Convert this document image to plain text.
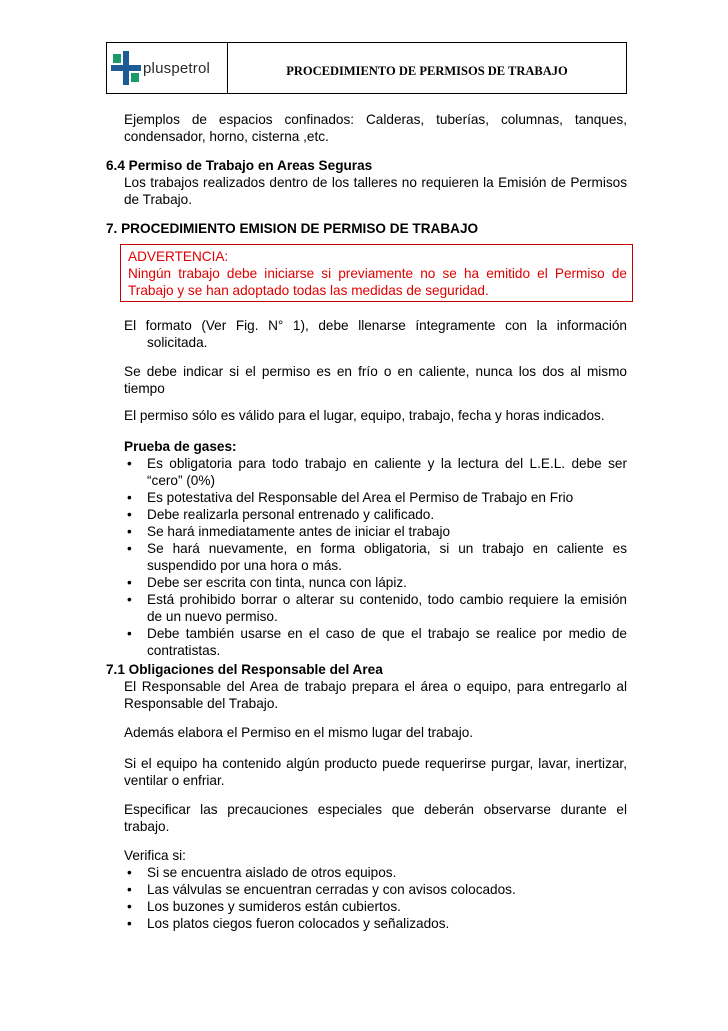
pluspetrol	PROCEDIMIENTO DE PERMISOS DE TRABAJO
Ejemplos de espacios confinados: Calderas, tuberías, columnas, tanques, condensador, horno, cisterna ,etc.
6.4 Permiso de Trabajo en Areas Seguras
Los trabajos realizados dentro de los talleres no requieren la Emisión de Permisos de Trabajo.
7. PROCEDIMIENTO EMISION DE PERMISO DE TRABAJO
ADVERTENCIA:
Ningún trabajo debe iniciarse si previamente no se ha emitido el Permiso de Trabajo y se han adoptado todas las medidas de seguridad.
El formato (Ver Fig. N° 1), debe llenarse íntegramente con la información
solicitada.
Se debe indicar si el permiso es en frío o en caliente, nunca los dos al mismo tiempo
El permiso sólo es válido para el lugar, equipo, trabajo, fecha y horas indicados.
Prueba de gases:
• Es obligatoria para todo trabajo en caliente y la lectura del L.E.L. debe ser “cero” (0%)
• Es potestativa del Responsable del Area el Permiso de Trabajo en Frio
• Debe realizarla personal entrenado y calificado.
• Se hará inmediatamente antes de iniciar el trabajo
• Se hará nuevamente, en forma obligatoria, si un trabajo en caliente es suspendido por una hora o más.
• Debe ser escrita con tinta, nunca con lápiz.
• Está prohibido borrar o alterar su contenido, todo cambio requiere la emisión de un nuevo permiso.
• Debe también usarse en el caso de que el trabajo se realice por medio de contratistas.
7.1 Obligaciones del Responsable del Area
El Responsable del Area de trabajo prepara el área o equipo, para entregarlo al Responsable del Trabajo.
Además elabora el Permiso en el mismo lugar del trabajo.
Si el equipo ha contenido algún producto puede requerirse purgar, lavar, inertizar, ventilar o enfriar.
Especificar las precauciones especiales que deberán observarse durante el trabajo.
Verifica si:
• Si se encuentra aislado de otros equipos.
• Las válvulas se encuentran cerradas y con avisos colocados.
• Los buzones y sumideros están cubiertos.
• Los platos ciegos fueron colocados y señalizados.
